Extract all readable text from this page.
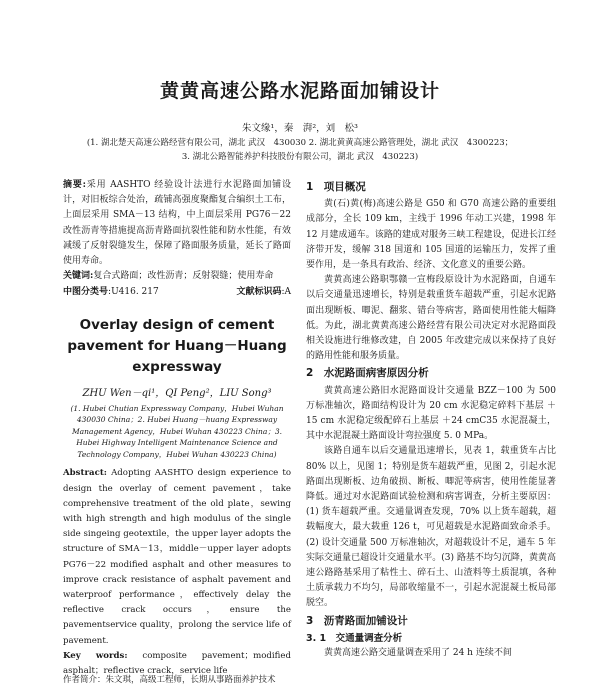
黄黄高速公路水泥路面加铺设计
朱文缘¹，秦　湃²，刘　松³
(1. 湖北楚天高速公路经营有限公司，湖北 武汉　430030 2. 湖北黄黄高速公路管理处，湖北 武汉　4300223；
3. 湖北公路智能养护科技股份有限公司，湖北 武汉　430223)

摘要:采用 AASHTO 经验设计法进行水泥路面加铺设计，对旧板综合处治，疏铺高强度聚酯复合编织土工布，上面层采用 SMA－13 结构，中上面层采用 PG76－22 改性沥青等措施提高沥青路面抗裂性能和防水性能，有效减缓了反射裂缝发生，保障了路面服务质量，延长了路面使用寿命。

关键词:复合式路面；改性沥青；反射裂缝；使用寿命

中图分类号:U416. 217	文献标识码:A
Overlay design of cement pavement for Huang－Huang expressway
ZHU Wen－qi¹，QI Peng²，LIU Song³
(1. Hubei Chutian Expressway Company，Hubei Wuhan 430030 China；2. Hubei Huang－huang Expressway Management Agency，Hubei Wuhan 430223 China；3. Hubei Highway Intelligent Maintenance Science and Technology Company，Hubei Wuhan 430223 China)

Abstract: Adopting AASHTO design experience to design the overlay of cement pavement，take comprehensive treatment of the old plate，sewing with high strength and high modulus of the single side singeing geotextile，the upper layer adopts the structure of SMA－13，middle－upper layer adopts PG76－22 modified asphalt and other measures to improve crack resistance of asphalt pavement and waterproof performance，effectively delay the reflective crack occurs，ensure the pavementservice quality，prolong the service life of pavement.

Key words: composite pavement；modified asphalt；reflective crack，service life

作者简介：朱文琪，高级工程师，长期从事路面养护技术
1　项目概况

黄(石)黄(梅)高速公路是 G50 和 G70 高速公路的重要组成部分，全长 109 km，主线于 1996 年动工兴建，1998 年 12 月建成通车。该路的建成对服务三峡工程建设，促进长江经济带开发，缓解 318 国道和 105 国道的运输压力，发挥了重要作用，是一条具有政治、经济、文化意义的重要公路。

黄黄高速公路职鄂赣一宣梅段原设计为水泥路面，自通车以后交通量迅速增长，特别是载重货车超载严重，引起水泥路面出现断板、唧泥、翻浆、错台等病害，路面使用性能大幅降低。为此，湖北黄黄高速公路经营有限公司决定对水泥路面段相关设施进行维修改建，自 2005 年改建完成以来保持了良好的路用性能和服务质量。

2　水泥路面病害原因分析

黄黄高速公路旧水泥路面设计交通量 BZZ－100 为 500 万标准轴次，路面结构设计为 20 cm 水泥稳定碎料下基层 ＋ 15 cm 水泥稳定级配碎石上基层 ＋24 cmC35 水泥混凝土，其中水泥混凝土路面设计弯拉强度 5. 0 MPa。

该路自通车以后交通量迅速增长，见表 1，载重货车占比 80% 以上，见图 1；特别是货车超载严重，见图 2，引起水泥路面出现断板、边角破损、断板、唧泥等病害，使用性能显著降低。通过对水泥路面试验检测和病害调查，分析主要原因：(1) 货车超载严重。交通量调查发现，70% 以上货车超载，超载幅度大，最大载重 126 t，可见超载是水泥路面致命杀手。(2) 设计交通量 500 万标准轴次，对超载设计不足，通车 5 年实际交通量已超设计交通量水平。(3) 路基不均匀沉降，黄黄高速公路路基采用了粘性土、碎石土、山渣料等土质混填，各种土质承载力不均匀，局部收缩量不一，引起水泥混凝土板局部脱空。

3　沥青路面加铺设计
3. 1　交通量调查分析

黄黄高速公路交通量调查采用了 24 h 连续不间
